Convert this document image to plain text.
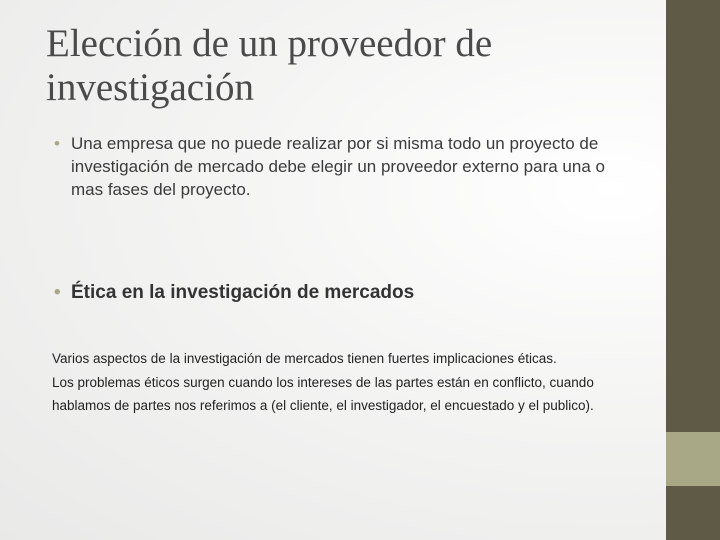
Elección de un proveedor de investigación
• Una empresa que no puede realizar por si misma todo un proyecto de investigación de mercado debe elegir un proveedor externo para una o mas fases del proyecto.
• Ética en la investigación de mercados

Varios aspectos de la investigación de mercados tienen fuertes implicaciones éticas.

Los problemas éticos surgen cuando los intereses de las partes están en conflicto, cuando hablamos de partes nos referimos a (el cliente, el investigador, el encuestado y el publico).
